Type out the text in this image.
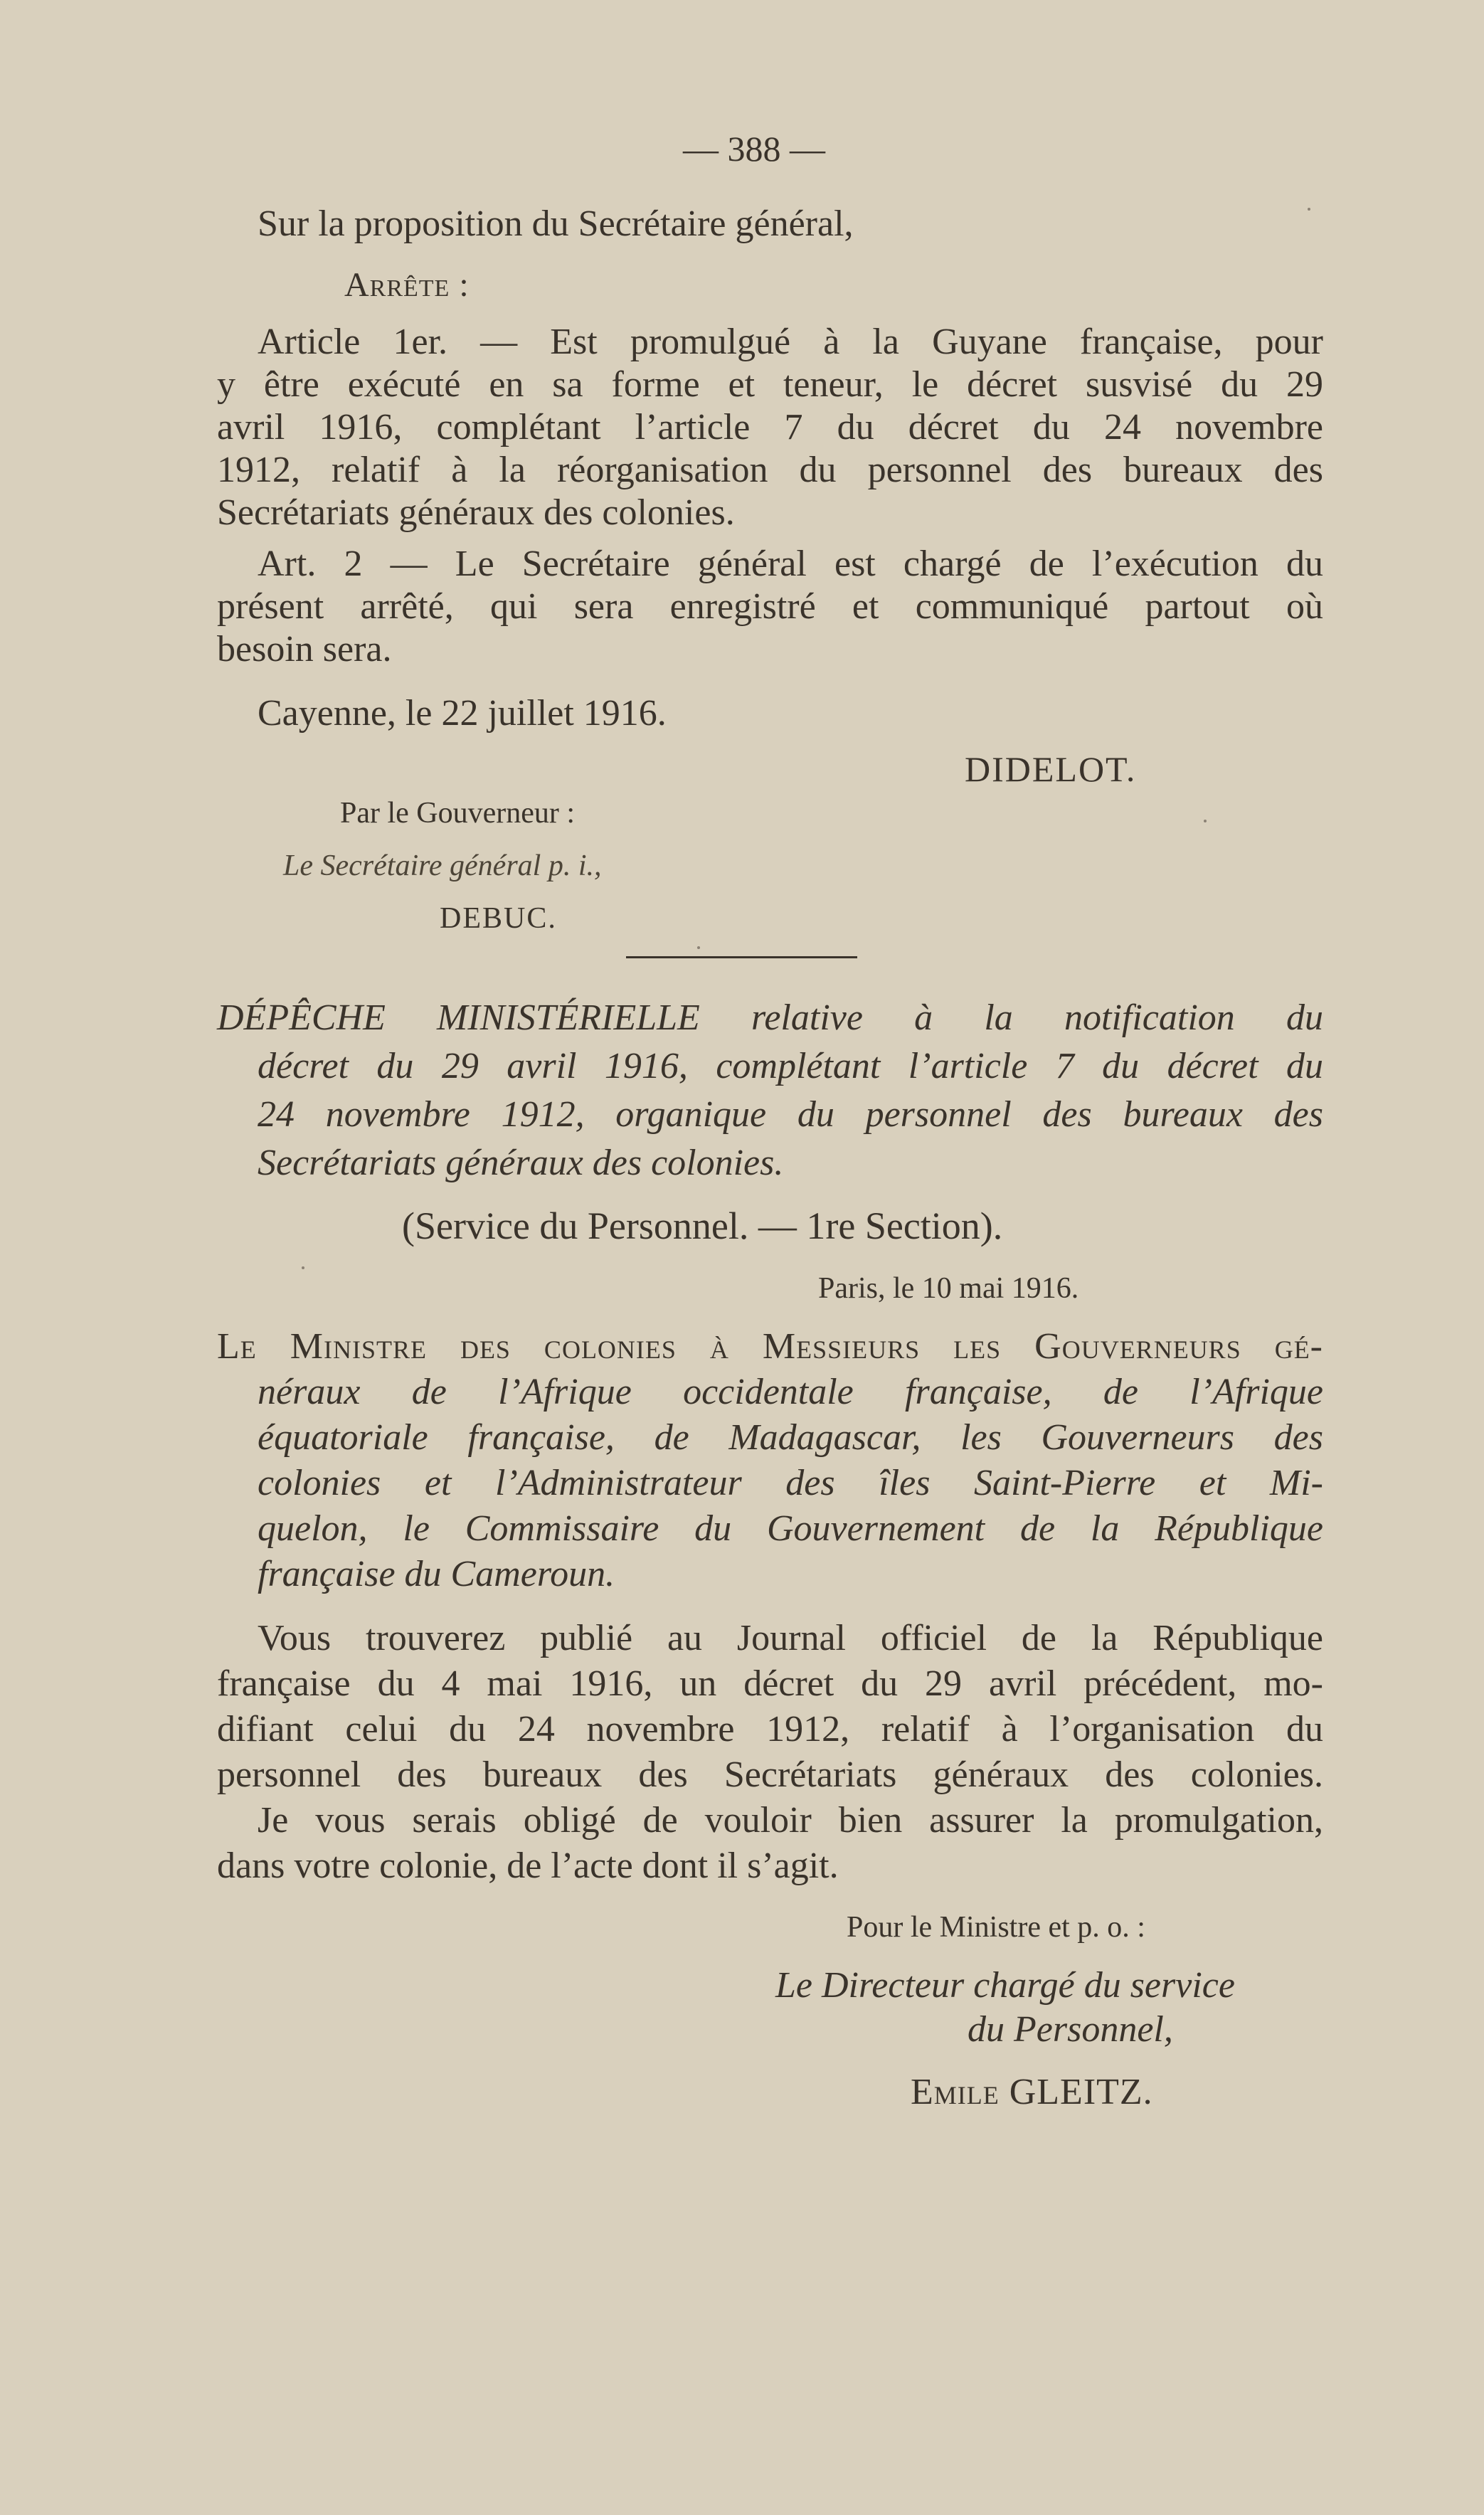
— 388 —
Sur la proposition du Secrétaire général,
Arrête :
Article 1er. — Est promulgué à la Guyane française, pour
y être exécuté en sa forme et teneur, le décret susvisé du 29
avril 1916, complétant l’article 7 du décret du 24 novembre
1912, relatif à la réorganisation du personnel des bureaux des
Secrétariats généraux des colonies.
Art. 2 — Le Secrétaire général est chargé de l’exécution du
présent arrêté, qui sera enregistré et communiqué partout où
besoin sera.
Cayenne, le 22 juillet 1916.
DIDELOT.
Par le Gouverneur :
Le Secrétaire général p. i.,
DEBUC.
DÉPÊCHE MINISTÉRIELLE relative à la notification du
décret du 29 avril 1916, complétant l’article 7 du décret du
24 novembre 1912, organique du personnel des bureaux des
Secrétariats généraux des colonies.
(Service du Personnel. — 1re Section).
Paris, le 10 mai 1916.
Le Ministre des colonies à Messieurs les Gouverneurs gé-
néraux de l’Afrique occidentale française, de l’Afrique
équatoriale française, de Madagascar, les Gouverneurs des
colonies et l’Administrateur des îles Saint-Pierre et Mi-
quelon, le Commissaire du Gouvernement de la République
française du Cameroun.
Vous trouverez publié au Journal officiel de la République
française du 4 mai 1916, un décret du 29 avril précédent, mo-
difiant celui du 24 novembre 1912, relatif à l’organisation du
personnel des bureaux des Secrétariats généraux des colonies.
Je vous serais obligé de vouloir bien assurer la promulgation,
dans votre colonie, de l’acte dont il s’agit.
Pour le Ministre et p. o. :
Le Directeur chargé du service
du Personnel,
Emile GLEITZ.
